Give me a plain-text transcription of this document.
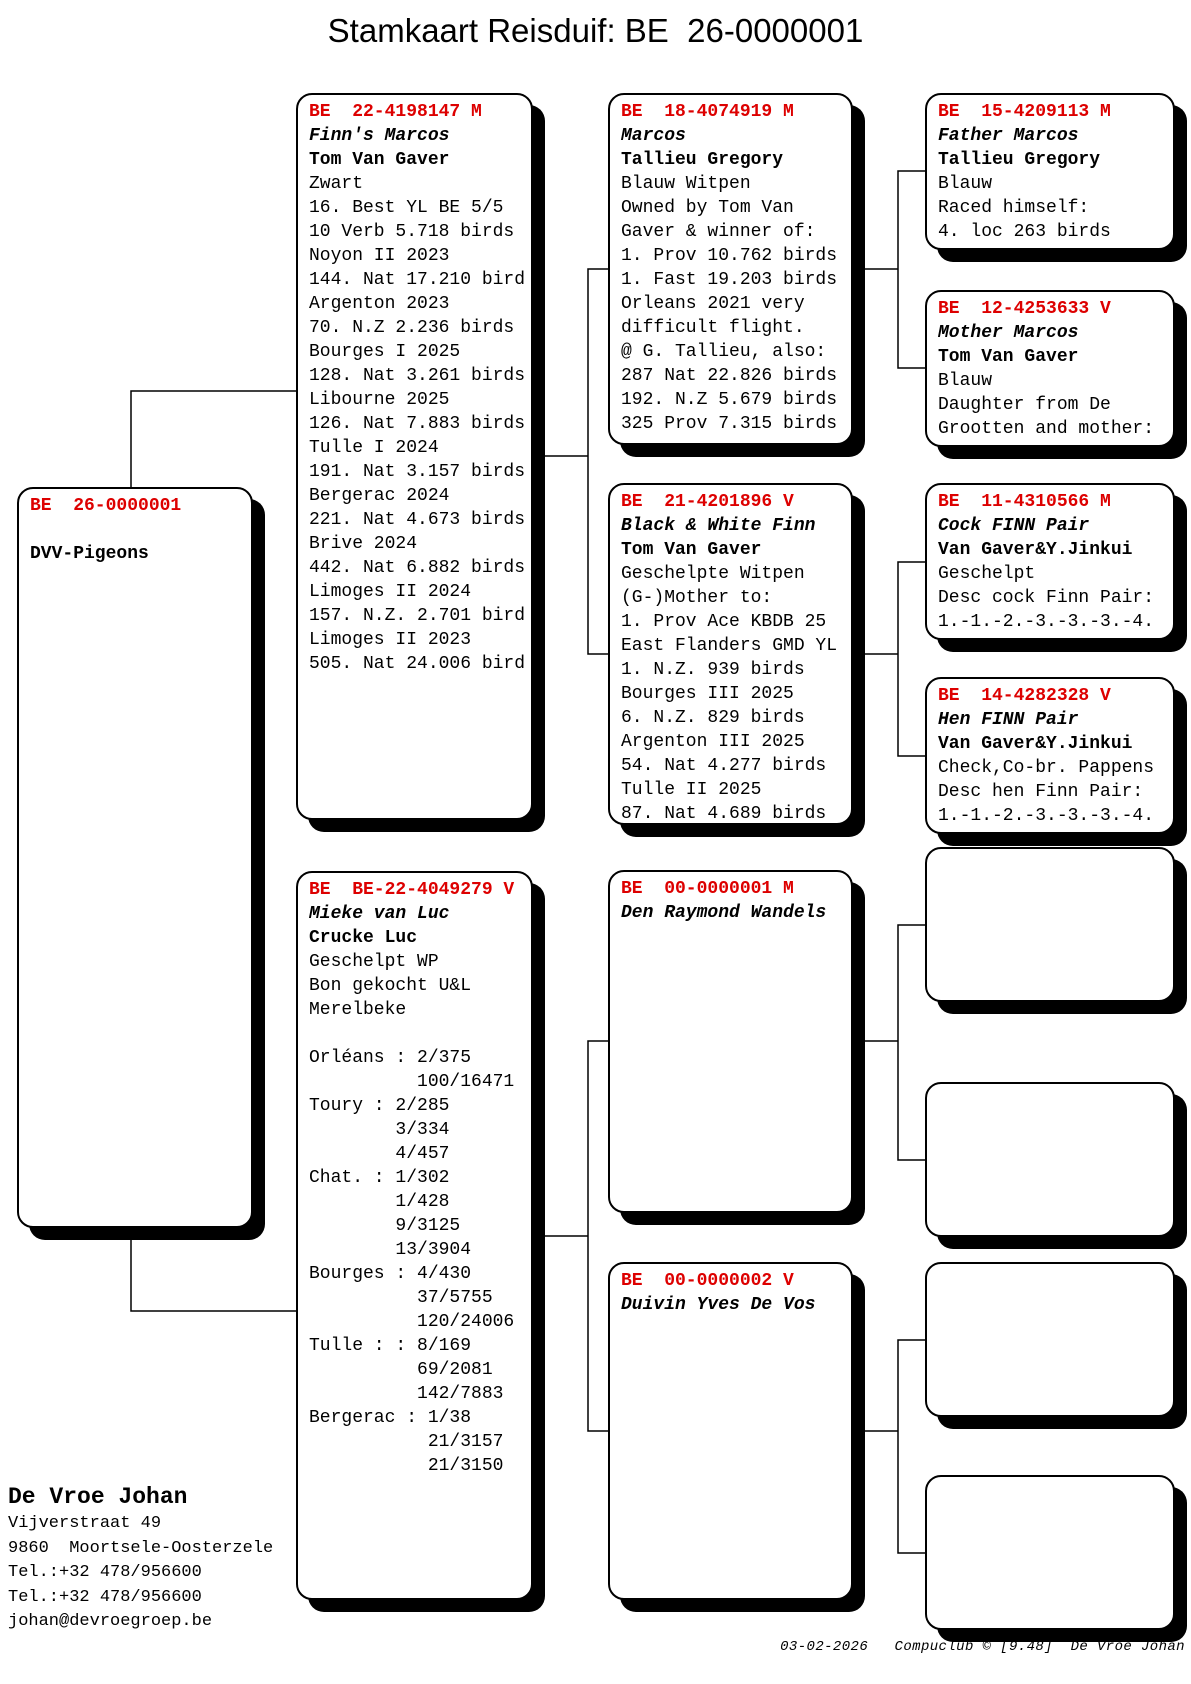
Stamkaart Reisduif: BE  26-0000001
BE  26-0000001
DVV-Pigeons
BE  22-4198147 M
Finn's Marcos
Tom Van Gaver
Zwart
16. Best YL BE 5/5
10 Verb 5.718 birds
Noyon II 2023
144. Nat 17.210 bird
Argenton 2023
70. N.Z 2.236 birds
Bourges I 2025
128. Nat 3.261 birds
Libourne 2025
126. Nat 7.883 birds
Tulle I 2024
191. Nat 3.157 birds
Bergerac 2024
221. Nat 4.673 birds
Brive 2024
442. Nat 6.882 birds
Limoges II 2024
157. N.Z. 2.701 bird
Limoges II 2023
505. Nat 24.006 bird
BE  BE-22-4049279 V
Mieke van Luc
Crucke Luc
Geschelpt WP
Bon gekocht U&L
Merelbeke
Orléans : 2/375
100/16471
Toury : 2/285
3/334
4/457
Chat. : 1/302
1/428
9/3125
13/3904
Bourges : 4/430
37/5755
120/24006
Tulle : : 8/169
69/2081
142/7883
Bergerac : 1/38
21/3157
21/3150
BE  18-4074919 M
Marcos
Tallieu Gregory
Blauw Witpen
Owned by Tom Van
Gaver & winner of:
1. Prov 10.762 birds
1. Fast 19.203 birds
Orleans 2021 very
difficult flight.
@ G. Tallieu, also:
287 Nat 22.826 birds
192. N.Z 5.679 birds
325 Prov 7.315 birds
BE  21-4201896 V
Black & White Finn
Tom Van Gaver
Geschelpte Witpen
(G-)Mother to:
1. Prov Ace KBDB 25
East Flanders GMD YL
1. N.Z. 939 birds
Bourges III 2025
6. N.Z. 829 birds
Argenton III 2025
54. Nat 4.277 birds
Tulle II 2025
87. Nat 4.689 birds
BE  00-0000001 M
Den Raymond Wandels
BE  00-0000002 V
Duivin Yves De Vos
BE  15-4209113 M
Father Marcos
Tallieu Gregory
Blauw
Raced himself:
4. loc 263 birds
BE  12-4253633 V
Mother Marcos
Tom Van Gaver
Blauw
Daughter from De
Grootten and mother:
BE  11-4310566 M
Cock FINN Pair
Van Gaver&Y.Jinkui
Geschelpt
Desc cock Finn Pair:
1.-1.-2.-3.-3.-3.-4.
BE  14-4282328 V
Hen FINN Pair
Van Gaver&Y.Jinkui
Check,Co-br. Pappens
Desc hen Finn Pair:
1.-1.-2.-3.-3.-3.-4.
De Vroe Johan
Vijverstraat 49
9860  Moortsele-Oosterzele
Tel.:+32 478/956600
Tel.:+32 478/956600
johan@devroegroep.be
03-02-2026   Compuclub © [9.48]  De Vroe Johan
